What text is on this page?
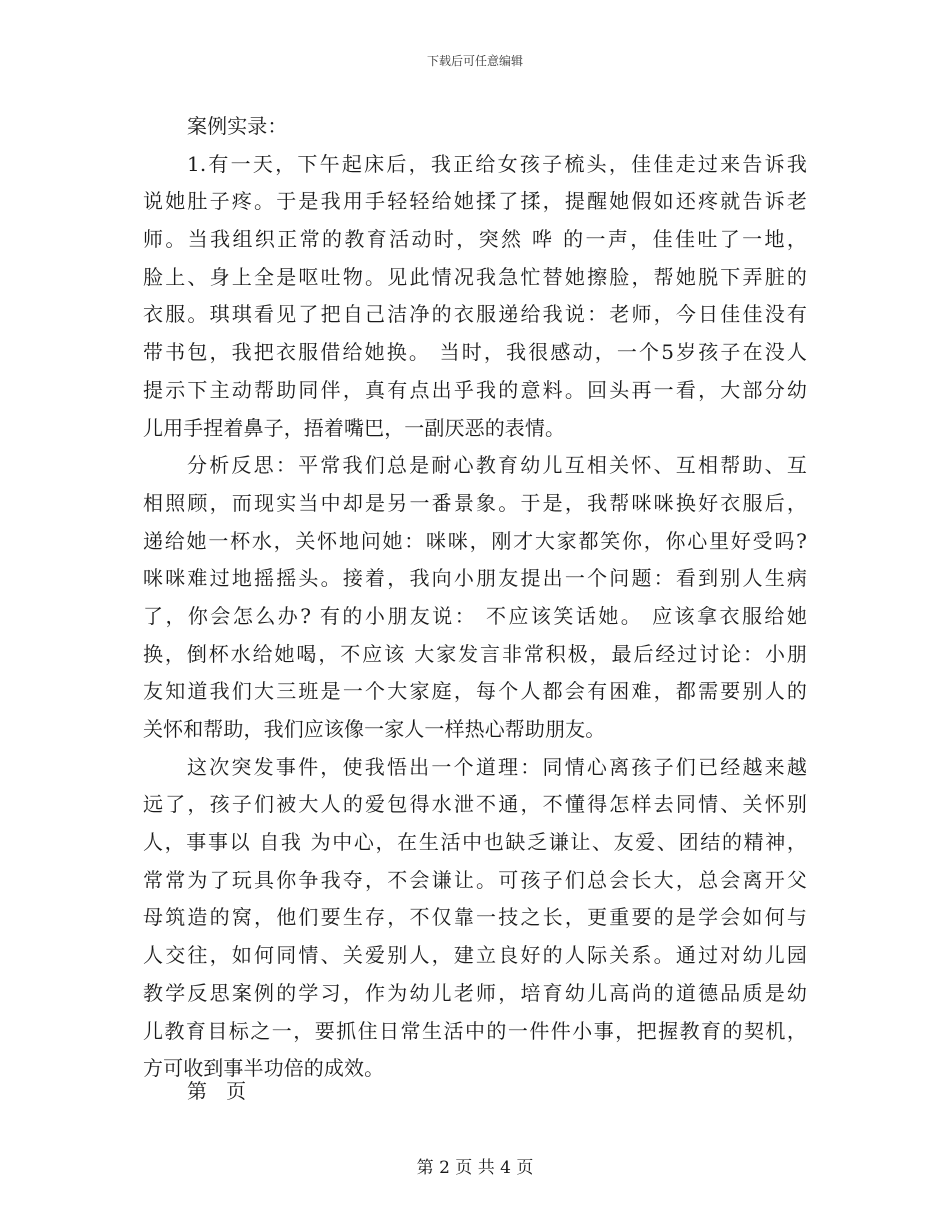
下载后可任意编辑
案例实录：
1.有一天，下午起床后，我正给女孩子梳头，佳佳走过来告诉我
说她肚子疼。于是我用手轻轻给她揉了揉，提醒她假如还疼就告诉老
师。当我组织正常的教育活动时，突然 哗 的一声，佳佳吐了一地，
脸上、身上全是呕吐物。见此情况我急忙替她擦脸，帮她脱下弄脏的
衣服。琪琪看见了把自己洁净的衣服递给我说：老师，今日佳佳没有
带书包，我把衣服借给她换。 当时，我很感动，一个5岁孩子在没人
提示下主动帮助同伴，真有点出乎我的意料。回头再一看，大部分幼
儿用手捏着鼻子，捂着嘴巴，一副厌恶的表情。
分析反思：平常我们总是耐心教育幼儿互相关怀、互相帮助、互
相照顾，而现实当中却是另一番景象。于是，我帮咪咪换好衣服后，
递给她一杯水，关怀地问她：咪咪，刚才大家都笑你，你心里好受吗?
咪咪难过地摇摇头。接着，我向小朋友提出一个问题：看到别人生病
了，你会怎么办? 有的小朋友说： 不应该笑话她。 应该拿衣服给她
换，倒杯水给她喝，不应该 大家发言非常积极，最后经过讨论：小朋
友知道我们大三班是一个大家庭，每个人都会有困难，都需要别人的
关怀和帮助，我们应该像一家人一样热心帮助朋友。
这次突发事件，使我悟出一个道理：同情心离孩子们已经越来越
远了，孩子们被大人的爱包得水泄不通，不懂得怎样去同情、关怀别
人，事事以 自我 为中心，在生活中也缺乏谦让、友爱、团结的精神，
常常为了玩具你争我夺，不会谦让。可孩子们总会长大，总会离开父
母筑造的窝，他们要生存，不仅靠一技之长，更重要的是学会如何与
人交往，如何同情、关爱别人，建立良好的人际关系。通过对幼儿园
教学反思案例的学习，作为幼儿老师，培育幼儿高尚的道德品质是幼
儿教育目标之一，要抓住日常生活中的一件件小事，把握教育的契机，
方可收到事半功倍的成效。
第   页
第 2 页 共 4 页
